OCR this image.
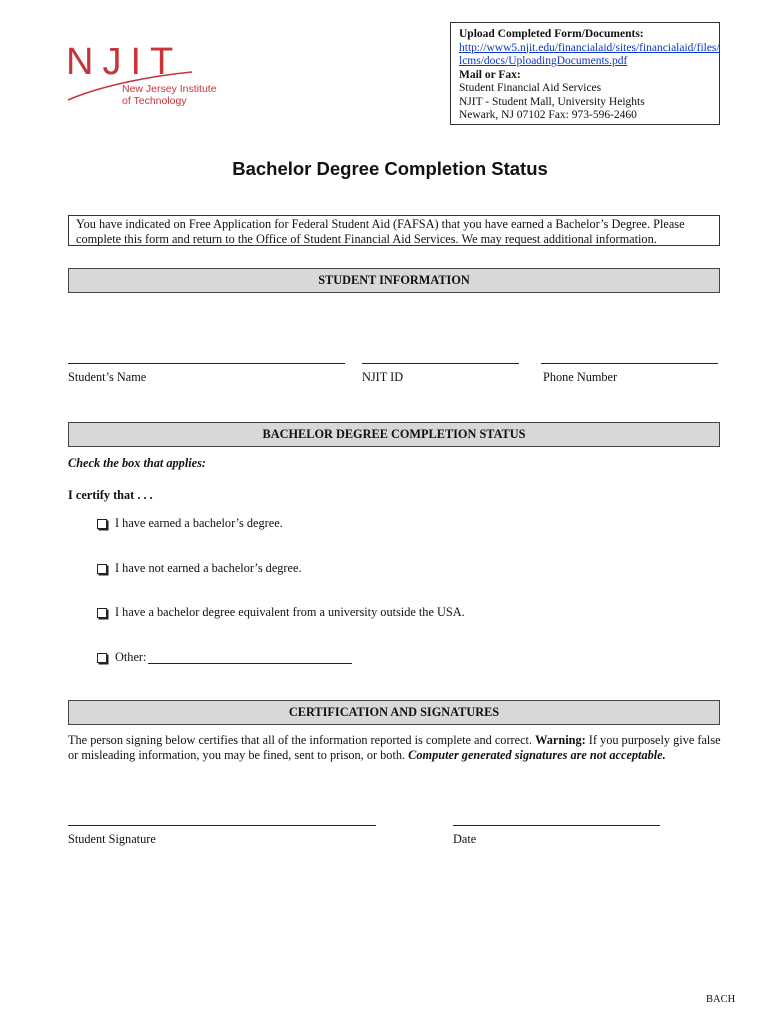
NJIT
New Jersey Institute
of Technology
Upload Completed Form/Documents:
http://www5.njit.edu/financialaid/sites/financialaid/files/
lcms/docs/UploadingDocuments.pdf
Mail or Fax:
Student Financial Aid Services
NJIT - Student Mall, University Heights
Newark, NJ 07102 Fax: 973-596-2460
Bachelor Degree Completion Status
You have indicated on Free Application for Federal Student Aid (FAFSA) that you have earned a Bachelor’s Degree. Please
complete this form and return to the Office of Student Financial Aid Services. We may request additional information.
STUDENT INFORMATION
Student’s Name	NJIT ID	Phone Number
BACHELOR DEGREE COMPLETION STATUS
Check the box that applies:
I certify that . . .
I have earned a bachelor’s degree.
I have not earned a bachelor’s degree.
I have a bachelor degree equivalent from a university outside the USA.
Other:
CERTIFICATION AND SIGNATURES
The person signing below certifies that all of the information reported is complete and correct. Warning: If you purposely give false or misleading information, you may be fined, sent to prison, or both. Computer generated signatures are not acceptable.
Student Signature	Date
BACH
